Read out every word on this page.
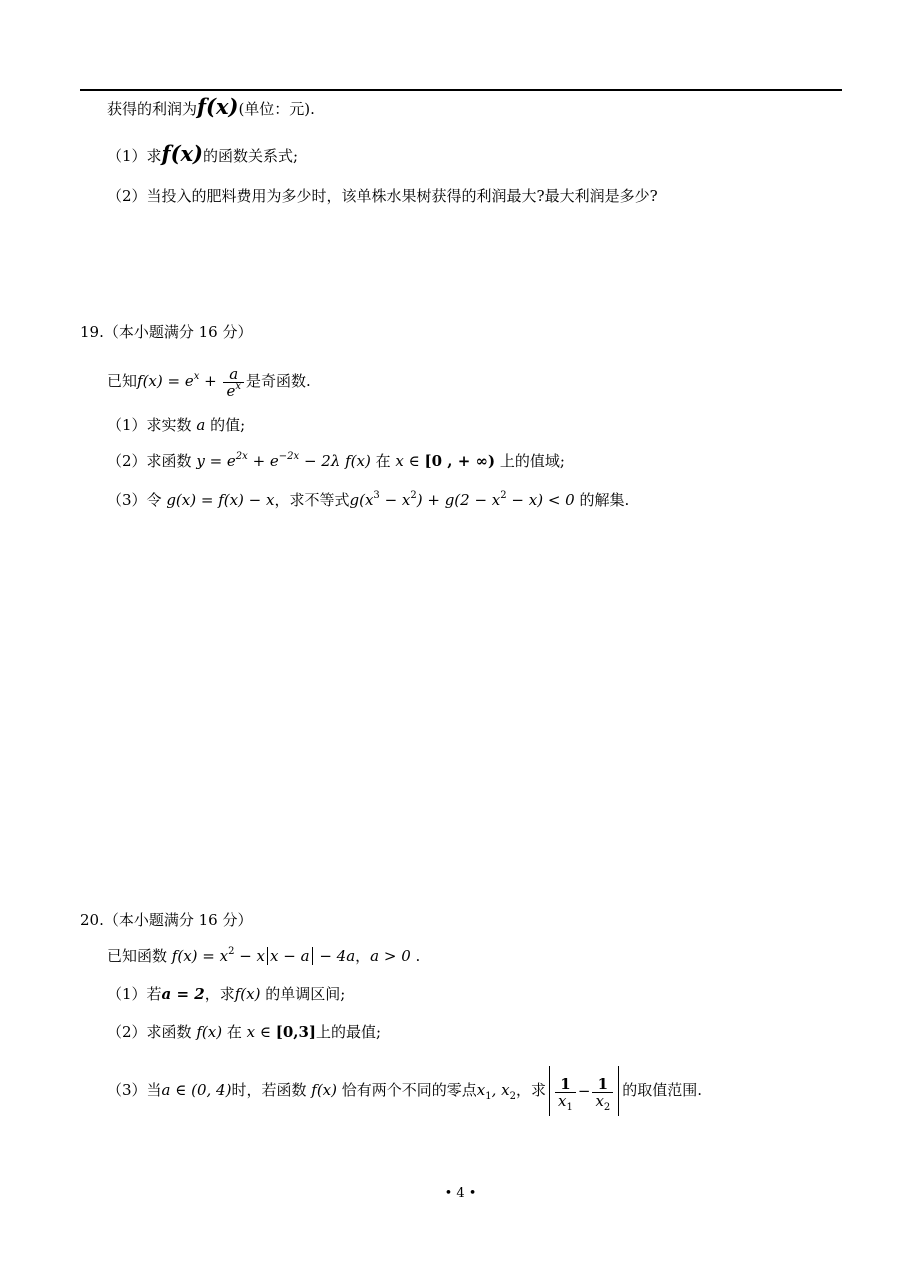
获得的利润为f(x)(单位：元).
（1）求f(x)的函数关系式;
（2）当投入的肥料费用为多少时，该单株水果树获得的利润最大?最大利润是多少?
19.（本小题满分 16 分）
已知$f(x) = e^x + \frac{a}{e^x}$ 是奇函数.
（1）求实数 a 的值;
（2）求函数 $y = e^{2x} + e^{-2x} - 2\lambda$ f(x) 在 x ∈ [0 , + ∞) 上的值域;
（3）令 g(x) = f(x) − x，求不等式$g(x^3 - x^2) + g(2 - x^2 - x) < 0$ 的解集.
20.（本小题满分 16 分）
已知函数 $f(x) = x^2 - x$ x − a − 4a，a > 0 .
（1）若a = 2，求f(x) 的单调区间;
（2）求函数 f(x) 在 x ∈ [0,3]上的最值;
（3）当a ∈ (0, 4)时，若函数 f(x) 恰有两个不同的零点$x_1$, $x_2$，求 $\frac{1}{x_1} - \frac{1}{x_2}$ 的取值范围.
• 4 •
